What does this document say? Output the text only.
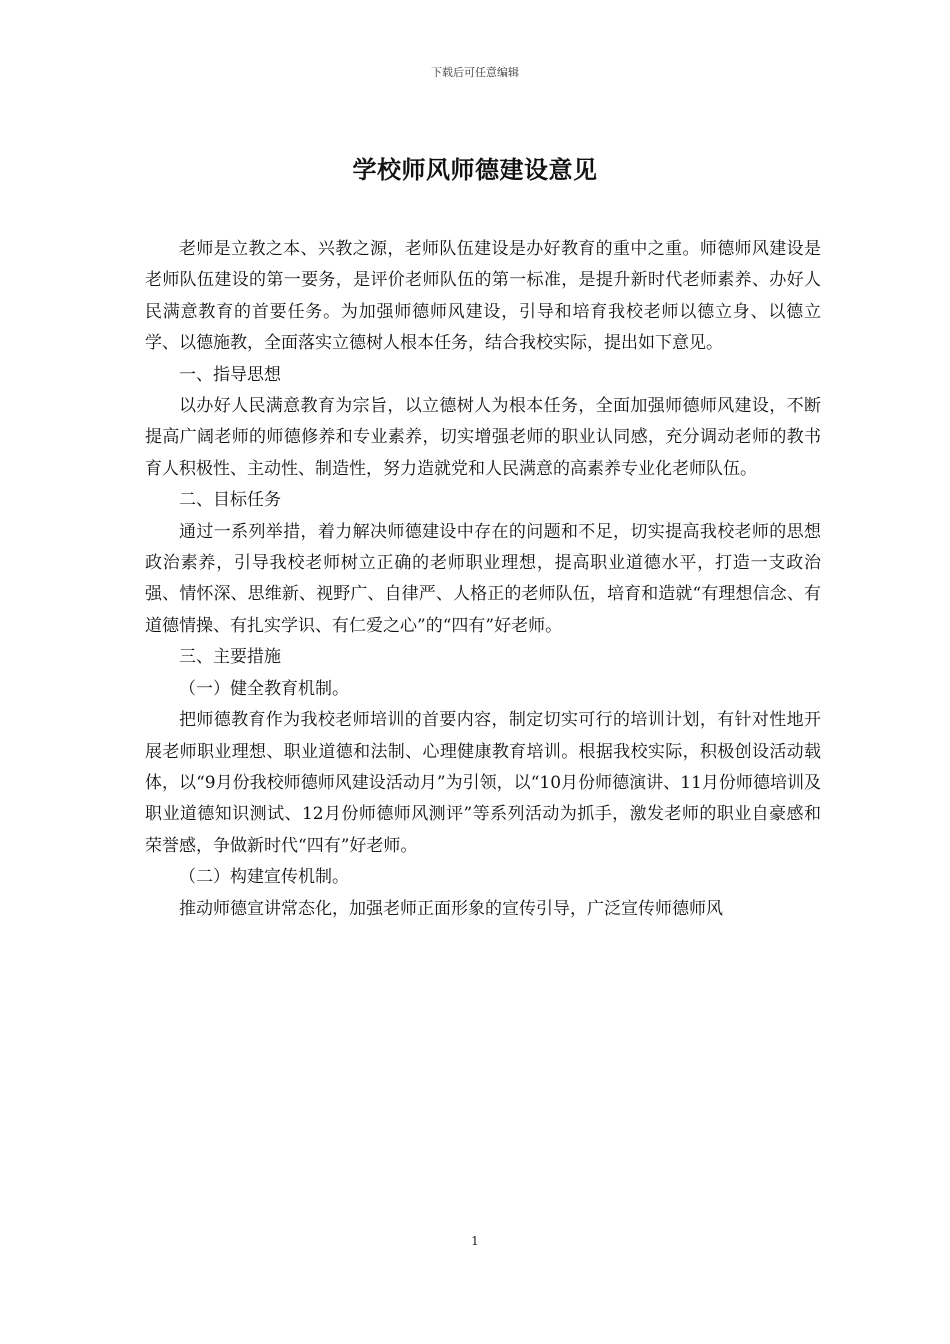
下载后可任意编辑
学校师风师德建设意见

老师是立教之本、兴教之源，老师队伍建设是办好教育的重中之重。师德师风建设是老师队伍建设的第一要务，是评价老师队伍的第一标准，是提升新时代老师素养、办好人民满意教育的首要任务。为加强师德师风建设，引导和培育我校老师以德立身、以德立学、以德施教，全面落实立德树人根本任务，结合我校实际，提出如下意见。

一、指导思想

以办好人民满意教育为宗旨，以立德树人为根本任务，全面加强师德师风建设，不断提高广阔老师的师德修养和专业素养，切实增强老师的职业认同感，充分调动老师的教书育人积极性、主动性、制造性，努力造就党和人民满意的高素养专业化老师队伍。

二、目标任务

通过一系列举措，着力解决师德建设中存在的问题和不足，切实提高我校老师的思想政治素养，引导我校老师树立正确的老师职业理想，提高职业道德水平，打造一支政治强、情怀深、思维新、视野广、自律严、人格正的老师队伍，培育和造就“有理想信念、有道德情操、有扎实学识、有仁爱之心”的“四有”好老师。

三、主要措施

（一）健全教育机制。

把师德教育作为我校老师培训的首要内容，制定切实可行的培训计划，有针对性地开展老师职业理想、职业道德和法制、心理健康教育培训。根据我校实际，积极创设活动载体，以“9月份我校师德师风建设活动月”为引领，以“10月份师德演讲、11月份师德培训及职业道德知识测试、12月份师德师风测评”等系列活动为抓手，激发老师的职业自豪感和荣誉感，争做新时代“四有”好老师。

（二）构建宣传机制。

推动师德宣讲常态化，加强老师正面形象的宣传引导，广泛宣传师德师风

1
